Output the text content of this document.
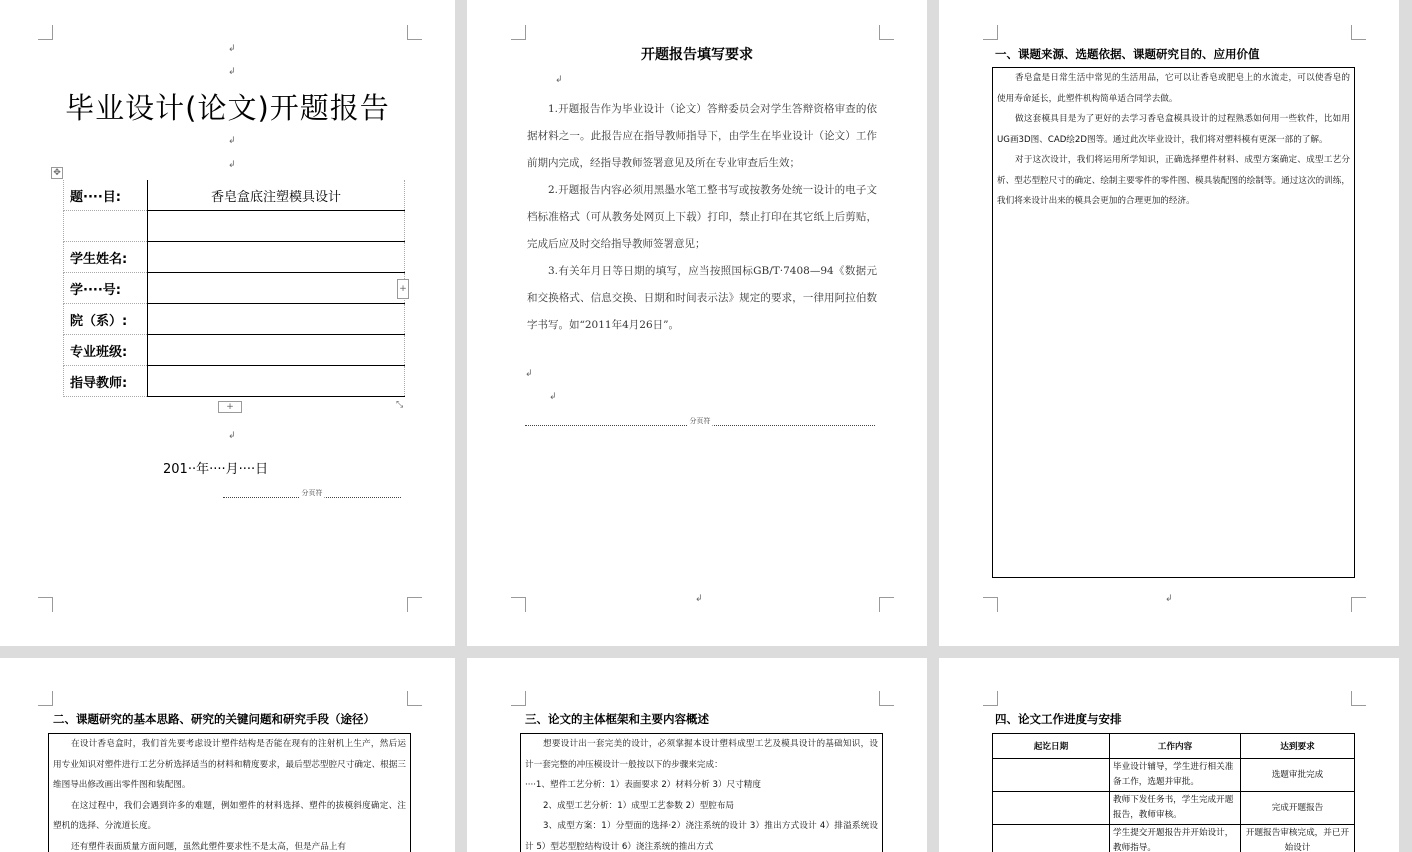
↲
↲
毕业设计(论文)开题报告
↲
↲
✥
题····目:	香皂盒底注塑模具设计

学生姓名:	
学····号:	
院（系）:	
专业班级:	
指导教师:	
+
+	⤡
↲
201··年····月····日
分页符
开题报告填写要求
↲
↲
↲
分页符
↲

1.开题报告作为毕业设计（论文）答辩委员会对学生答辩资格审查的依据材料之一。此报告应在指导教师指导下，由学生在毕业设计（论文）工作前期内完成，经指导教师签署意见及所在专业审查后生效；

2.开题报告内容必须用黑墨水笔工整书写或按教务处统一设计的电子文档标准格式（可从教务处网页上下载）打印，禁止打印在其它纸上后剪贴，完成后应及时交给指导教师签署意见；

3.有关年月日等日期的填写，应当按照国标GB/T·7408—94《数据元和交换格式、信息交换、日期和时间表示法》规定的要求，一律用阿拉伯数字书写。如“2011年4月26日”。

一、课题来源、选题依据、课题研究目的、应用价值

香皂盒是日常生活中常见的生活用品，它可以让香皂或肥皂上的水流走，可以使香皂的使用寿命延长，此塑件机构简单适合同学去做。

做这套模具目是为了更好的去学习香皂盒模具设计的过程熟悉如何用一些软件，比如用UG画3D图、CAD绘2D图等。通过此次毕业设计，我们将对塑料模有更深一部的了解。

对于这次设计，我们将运用所学知识，正确选择塑件材料、成型方案确定、成型工艺分析、型芯型腔尺寸的确定、绘制主要零件的零件图、模具装配图的绘制等。通过这次的训练，我们将来设计出来的模具会更加的合理更加的经济。

↲
二、课题研究的基本思路、研究的关键问题和研究手段（途径）

在设计香皂盒时，我们首先要考虑设计塑件结构是否能在现有的注射机上生产，然后运用专业知识对塑件进行工艺分析选择适当的材料和精度要求，最后型芯型腔尺寸确定、根据三维图导出修改画出零件图和装配图。

在这过程中，我们会遇到许多的难题，例如塑件的材料选择、塑件的拔模斜度确定、注塑机的选择、分流道长度。

还有塑件表面质量方面问题，虽然此塑件要求性不是太高，但是产品上有

三、论文的主体框架和主要内容概述

想要设计出一套完美的设计，必须掌握本设计塑料成型工艺及模具设计的基础知识，设计一套完整的冲压模设计一般按以下的步骤来完成：

····1、塑件工艺分析：1）表面要求 2）材料分析 3）尺寸精度

2、成型工艺分析：1）成型工艺参数 2）型腔布局

3、成型方案：1）分型面的选择·2）浇注系统的设计 3）推出方式设计 4）排溢系统设计 5）型芯型腔结构设计 6）浇注系统的推出方式

四、论文工作进度与安排
起讫日期	工作内容	达到要求
	毕业设计辅导，学生进行相关准备工作，选题并审批。	选题审批完成
	教师下发任务书，学生完成开题报告，教师审核。	完成开题报告
	学生提交开题报告并开始设计，教师指导。	开题报告审核完成，并已开始设计
